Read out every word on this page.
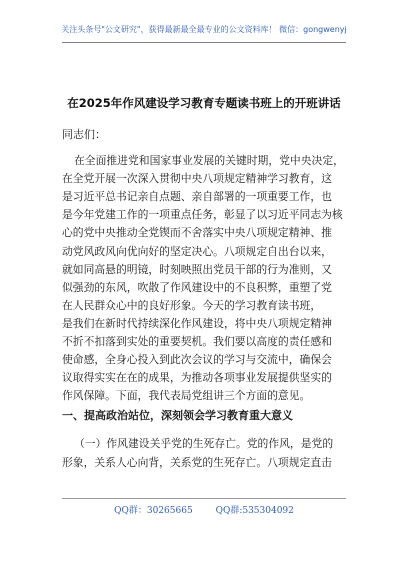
关注头条号"公文研究"，获得最新最全最专业的公文资料库！ 微信：gongwenyj
在2025年作风建设学习教育专题读书班上的开班讲话
同志们：
在全面推进党和国家事业发展的关键时期，党中央决定，
在全党开展一次深入贯彻中央八项规定精神学习教育，这
是习近平总书记亲自点题、亲自部署的一项重要工作，也
是今年党建工作的一项重点任务，彰显了以习近平同志为核
心的党中央推动全党锲而不舍落实中央八项规定精神、推
动党风政风向优向好的坚定决心。八项规定自出台以来，
就如同高悬的明镜，时刻映照出党员干部的行为准则，又
似强劲的东风，吹散了作风建设中的不良积弊，重塑了党
在人民群众心中的良好形象。今天的学习教育读书班，
是我们在新时代持续深化作风建设，将中央八项规定精神
不折不扣落到实处的重要契机。我们要以高度的责任感和
使命感，全身心投入到此次会议的学习与交流中，确保会
议取得实实在在的成果，为推动各项事业发展提供坚实的
作风保障。下面，我代表局党组讲三个方面的意见。
一、提高政治站位，深刻领会学习教育重大意义
（一）作风建设关乎党的生死存亡。党的作风，是党的
形象，关系人心向背，关系党的生死存亡。八项规定直击
QQ群：30265665	QQ群:535304092
